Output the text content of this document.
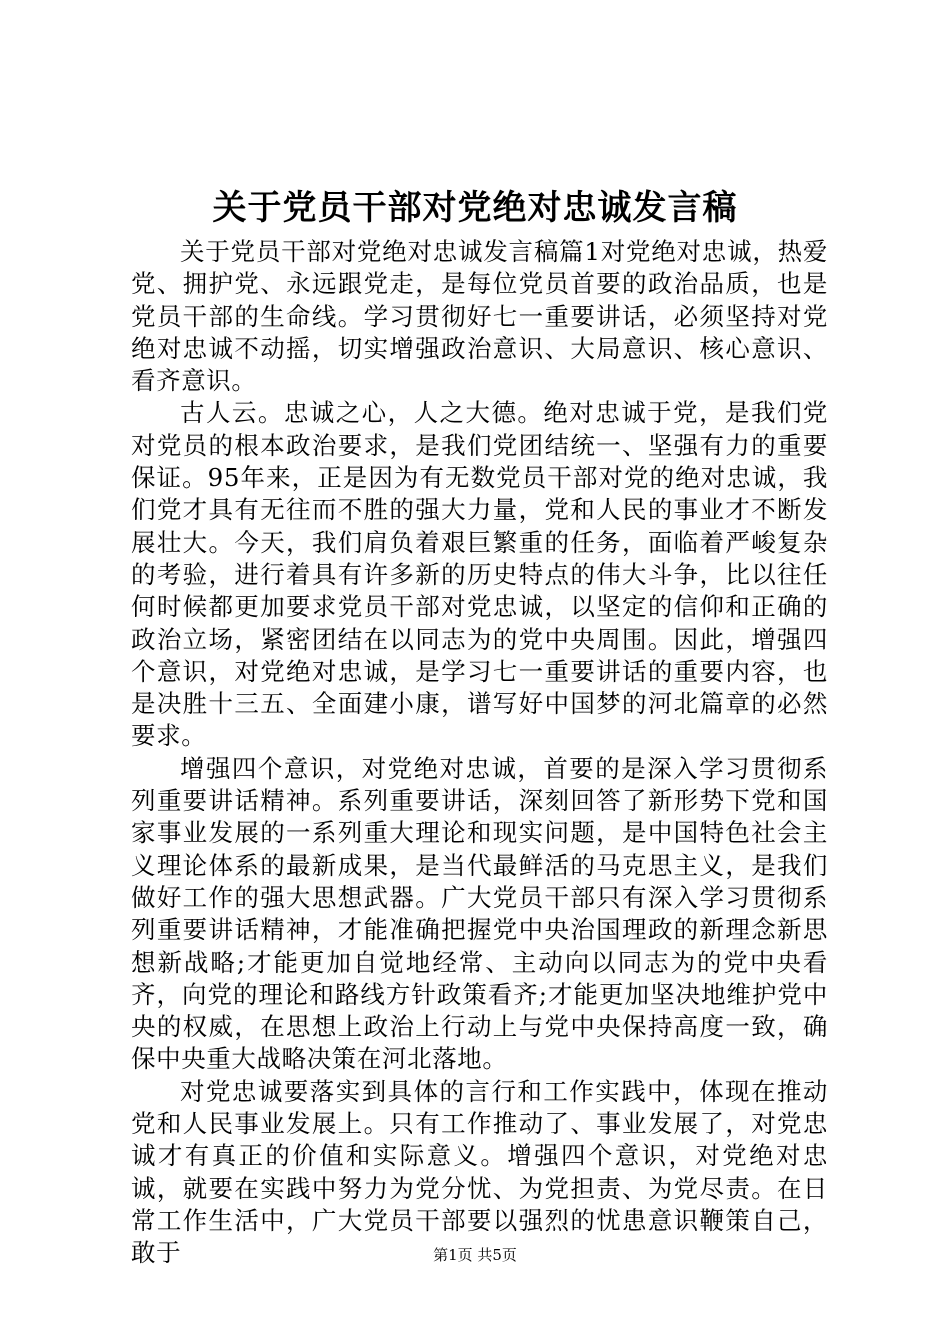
关于党员干部对党绝对忠诚发言稿

关于党员干部对党绝对忠诚发言稿篇1对党绝对忠诚，热爱党、拥护党、永远跟党走，是每位党员首要的政治品质，也是党员干部的生命线。学习贯彻好七一重要讲话，必须坚持对党绝对忠诚不动摇，切实增强政治意识、大局意识、核心意识、看齐意识。

古人云。忠诚之心，人之大德。绝对忠诚于党，是我们党对党员的根本政治要求，是我们党团结统一、坚强有力的重要保证。95年来，正是因为有无数党员干部对党的绝对忠诚，我们党才具有无往而不胜的强大力量，党和人民的事业才不断发展壮大。今天，我们肩负着艰巨繁重的任务，面临着严峻复杂的考验，进行着具有许多新的历史特点的伟大斗争，比以往任何时候都更加要求党员干部对党忠诚，以坚定的信仰和正确的政治立场，紧密团结在以同志为的党中央周围。因此，增强四个意识，对党绝对忠诚，是学习七一重要讲话的重要内容，也是决胜十三五、全面建小康，谱写好中国梦的河北篇章的必然要求。

增强四个意识，对党绝对忠诚，首要的是深入学习贯彻系列重要讲话精神。系列重要讲话，深刻回答了新形势下党和国家事业发展的一系列重大理论和现实问题，是中国特色社会主义理论体系的最新成果，是当代最鲜活的马克思主义，是我们做好工作的强大思想武器。广大党员干部只有深入学习贯彻系列重要讲话精神，才能准确把握党中央治国理政的新理念新思想新战略;才能更加自觉地经常、主动向以同志为的党中央看齐，向党的理论和路线方针政策看齐;才能更加坚决地维护党中央的权威，在思想上政治上行动上与党中央保持高度一致，确保中央重大战略决策在河北落地。

对党忠诚要落实到具体的言行和工作实践中，体现在推动党和人民事业发展上。只有工作推动了、事业发展了，对党忠诚才有真正的价值和实际意义。增强四个意识，对党绝对忠诚，就要在实践中努力为党分忧、为党担责、为党尽责。在日常工作生活中，广大党员干部要以强烈的忧患意识鞭策自己，敢于	第1页 共5页
